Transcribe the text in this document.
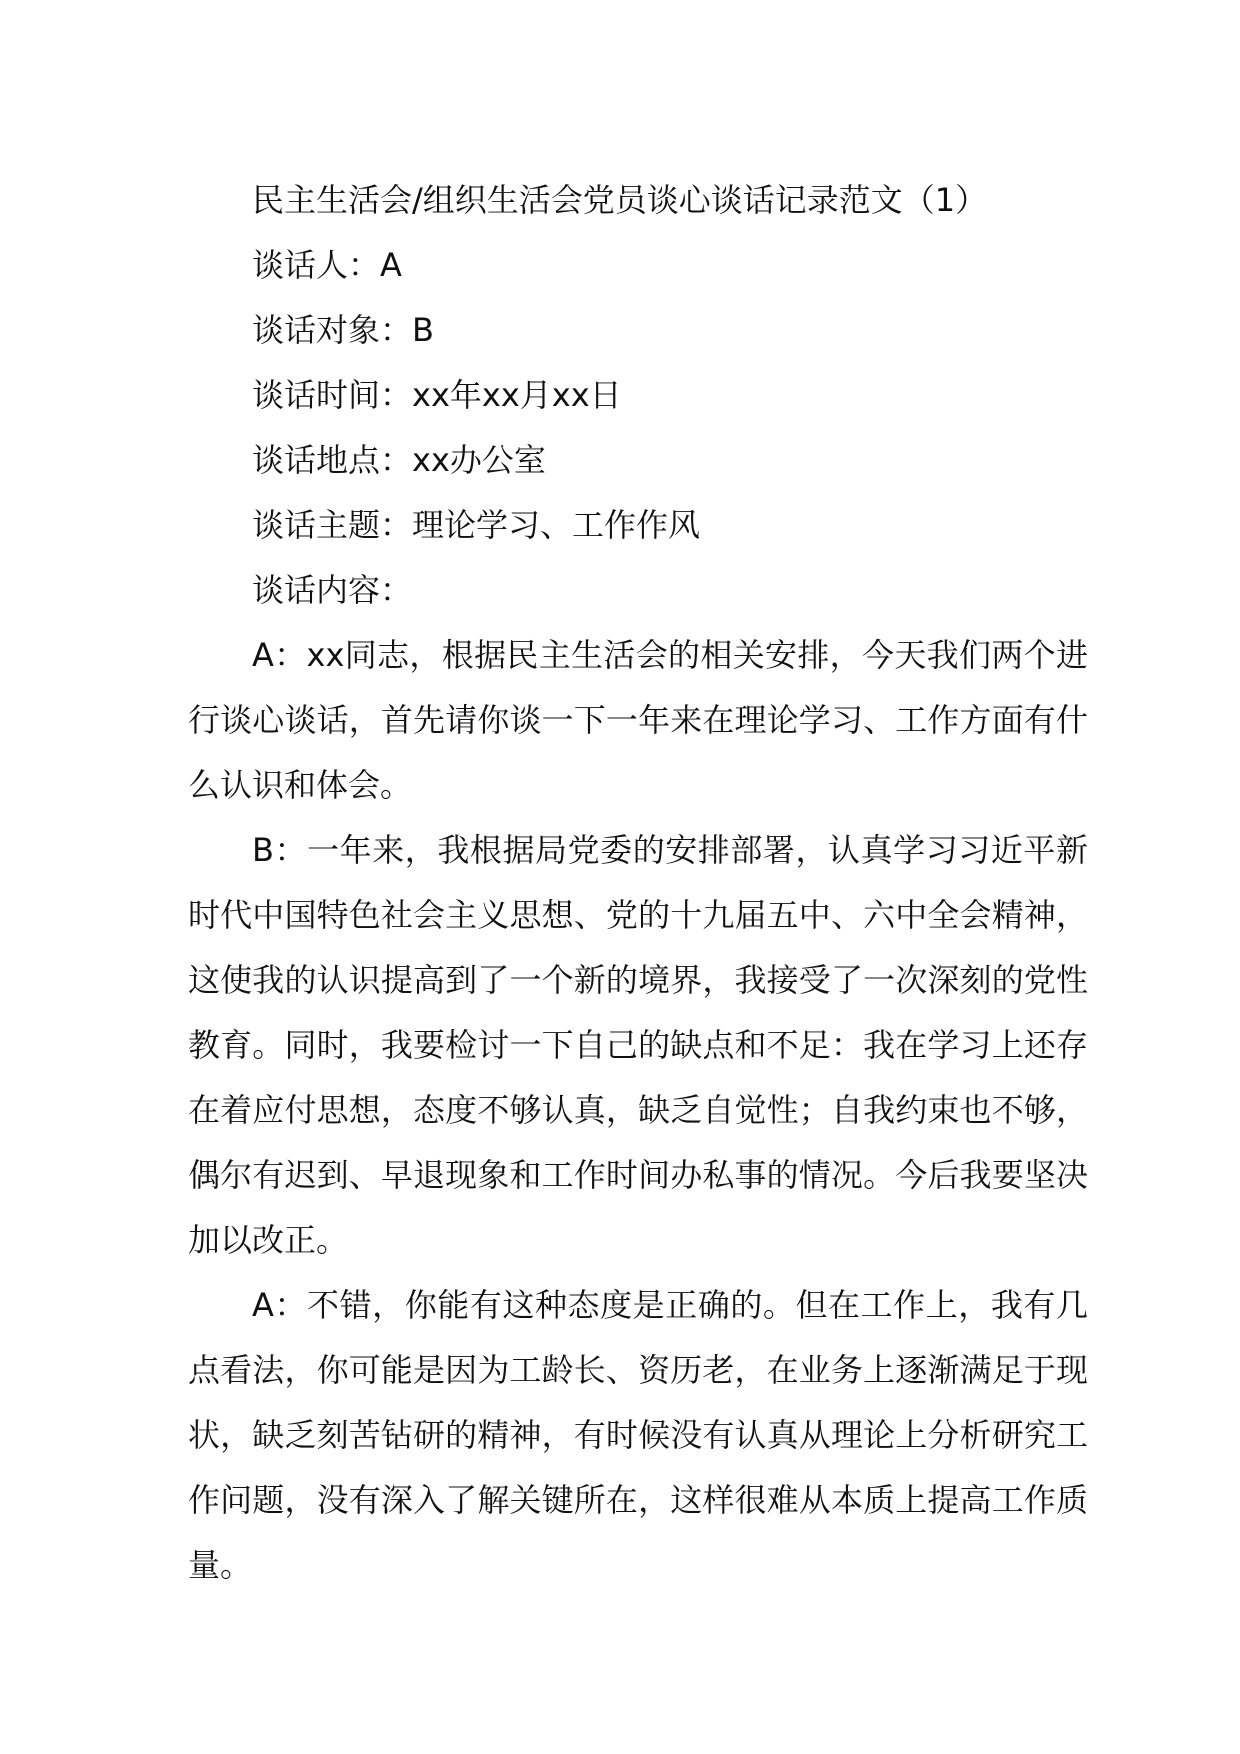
民主生活会/组织生活会党员谈心谈话记录范文（1）
谈话人：A
谈话对象：B
谈话时间：xx年xx月xx日
谈话地点：xx办公室
谈话主题：理论学习、工作作风
谈话内容：

A：xx同志，根据民主生活会的相关安排，今天我们两个进行谈心谈话，首先请你谈一下一年来在理论学习、工作方面有什么认识和体会。

B：一年来，我根据局党委的安排部署，认真学习习近平新时代中国特色社会主义思想、党的十九届五中、六中全会精神，这使我的认识提高到了一个新的境界，我接受了一次深刻的党性教育。同时，我要检讨一下自己的缺点和不足：我在学习上还存在着应付思想，态度不够认真，缺乏自觉性；自我约束也不够，偶尔有迟到、早退现象和工作时间办私事的情况。今后我要坚决加以改正。

A：不错，你能有这种态度是正确的。但在工作上，我有几点看法，你可能是因为工龄长、资历老，在业务上逐渐满足于现状，缺乏刻苦钻研的精神，有时候没有认真从理论上分析研究工作问题，没有深入了解关键所在，这样很难从本质上提高工作质量。
